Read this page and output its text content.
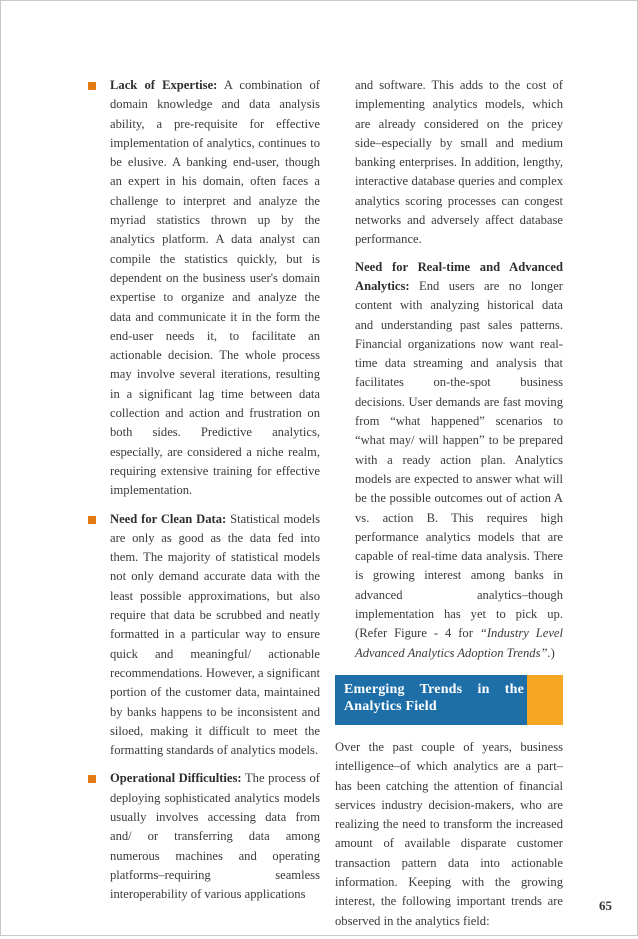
Lack of Expertise: A combination of domain knowledge and data analysis ability, a pre-requisite for effective implementation of analytics, continues to be elusive. A banking end-user, though an expert in his domain, often faces a challenge to interpret and analyze the myriad statistics thrown up by the analytics platform. A data analyst can compile the statistics quickly, but is dependent on the business user's domain expertise to organize and analyze the data and communicate it in the form the end-user needs it, to facilitate an actionable decision. The whole process may involve several iterations, resulting in a significant lag time between data collection and action and frustration on both sides. Predictive analytics, especially, are considered a niche realm, requiring extensive training for effective implementation.
Need for Clean Data: Statistical models are only as good as the data fed into them. The majority of statistical models not only demand accurate data with the least possible approximations, but also require that data be scrubbed and neatly formatted in a particular way to ensure quick and meaningful/ actionable recommendations. However, a significant portion of the customer data, maintained by banks happens to be inconsistent and siloed, making it difficult to meet the formatting standards of analytics models.
Operational Difficulties: The process of deploying sophisticated analytics models usually involves accessing data from and/ or transferring data among numerous machines and operating platforms–requiring seamless interoperability of various applications
and software. This adds to the cost of implementing analytics models, which are already considered on the pricey side–especially by small and medium banking enterprises. In addition, lengthy, interactive database queries and complex analytics scoring processes can congest networks and adversely affect database performance.
Need for Real-time and Advanced Analytics: End users are no longer content with analyzing historical data and understanding past sales patterns. Financial organizations now want real-time data streaming and analysis that facilitates on-the-spot business decisions. User demands are fast moving from “what happened” scenarios to “what may/ will happen” to be prepared with a ready action plan. Analytics models are expected to answer what will be the possible outcomes out of action A vs. action B. This requires high performance analytics models that are capable of real-time data analysis. There is growing interest among banks in advanced analytics–though implementation has yet to pick up. (Refer Figure - 4 for “Industry Level Advanced Analytics Adoption Trends”.)
Emerging Trends in the Analytics Field
Over the past couple of years, business intelligence–of which analytics are a part–has been catching the attention of financial services industry decision-makers, who are realizing the need to transform the increased amount of available disparate customer transaction pattern data into actionable information. Keeping with the growing interest, the following important trends are observed in the analytics field:
65
